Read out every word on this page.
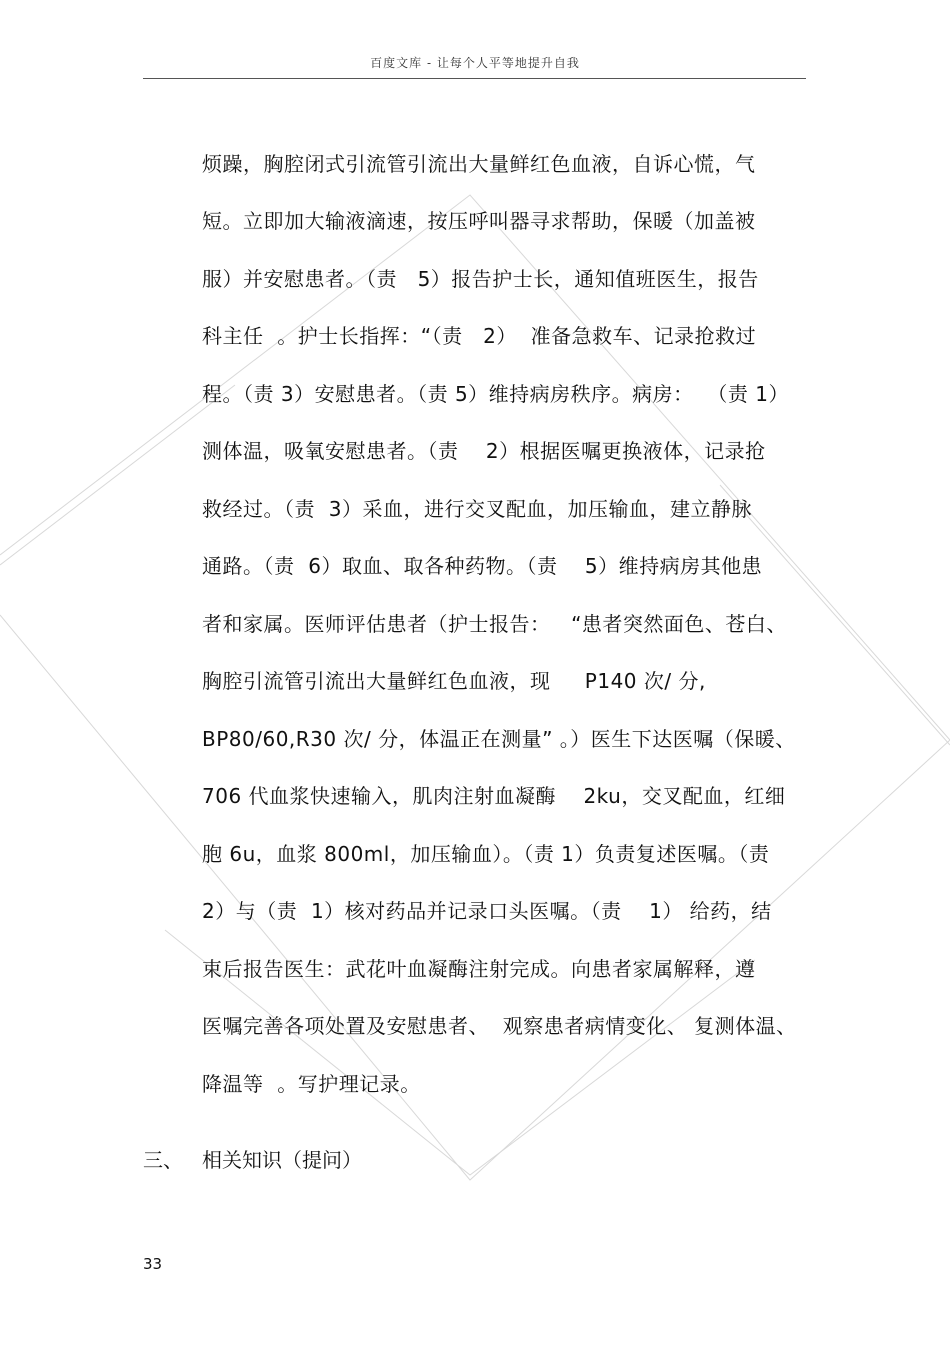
百度文库 - 让每个人平等地提升自我
烦躁，胸腔闭式引流管引流出大量鲜红色血液，自诉心慌，气
短。立即加大输液滴速，按压呼叫器寻求帮助，保暖（加盖被
服）并安慰患者。（责   5）报告护士长，通知值班医生，报告
科主任  。护士长指挥：“（责   2）  准备急救车、记录抢救过
程。（责 3）安慰患者。（责 5）维持病房秩序。病房：  （责 1）
测体温，吸氧安慰患者。（责    2）根据医嘱更换液体，记录抢
救经过。（责  3）采血，进行交叉配血，加压输血，建立静脉
通路。（责  6）取血、取各种药物。（责    5）维持病房其他患
者和家属。医师评估患者（护士报告：   “患者突然面色、苍白、
胸腔引流管引流出大量鲜红色血液，现     P140 次/ 分,
BP80/60,R30 次/ 分，体温正在测量” 。）医生下达医嘱（保暖、
706 代血浆快速输入，肌肉注射血凝酶    2ku，交叉配血，红细
胞 6u，血浆 800ml，加压输血）。（责 1）负责复述医嘱。（责
2）与（责  1）核对药品并记录口头医嘱。（责    1） 给药，结
束后报告医生：武花叶血凝酶注射完成。向患者家属解释，遵
医嘱完善各项处置及安慰患者、  观察患者病情变化、 复测体温、
降温等  。写护理记录。
三、 相关知识（提问）
33
